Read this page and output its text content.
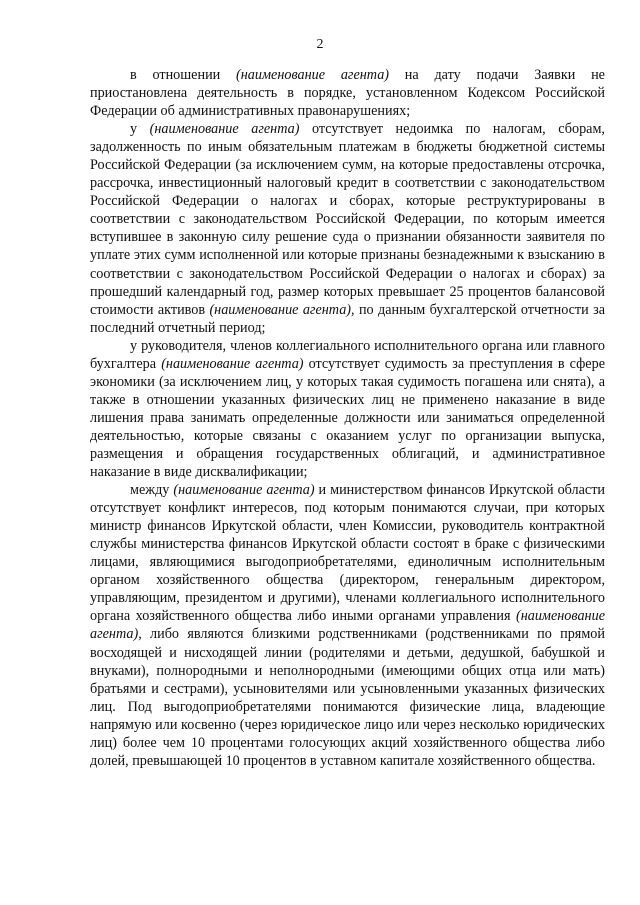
2

в отношении (наименование агента) на дату подачи Заявки не приостановлена деятельность в порядке, установленном Кодексом Российской Федерации об административных правонарушениях;

у (наименование агента) отсутствует недоимка по налогам, сборам, задолженность по иным обязательным платежам в бюджеты бюджетной системы Российской Федерации (за исключением сумм, на которые предоставлены отсрочка, рассрочка, инвестиционный налоговый кредит в соответствии с законодательством Российской Федерации о налогах и сборах, которые реструктурированы в соответствии с законодательством Российской Федерации, по которым имеется вступившее в законную силу решение суда о признании обязанности заявителя по уплате этих сумм исполненной или которые признаны безнадежными к взысканию в соответствии с законодательством Российской Федерации о налогах и сборах) за прошедший календарный год, размер которых превышает 25 процентов балансовой стоимости активов (наименование агента), по данным бухгалтерской отчетности за последний отчетный период;

у руководителя, членов коллегиального исполнительного органа или главного бухгалтера (наименование агента) отсутствует судимость за преступления в сфере экономики (за исключением лиц, у которых такая судимость погашена или снята), а также в отношении указанных физических лиц не применено наказание в виде лишения права занимать определенные должности или заниматься определенной деятельностью, которые связаны с оказанием услуг по организации выпуска, размещения и обращения государственных облигаций, и административное наказание в виде дисквалификации;

между (наименование агента) и министерством финансов Иркутской области отсутствует конфликт интересов, под которым понимаются случаи, при которых министр финансов Иркутской области, член Комиссии, руководитель контрактной службы министерства финансов Иркутской области состоят в браке с физическими лицами, являющимися выгодоприобретателями, единоличным исполнительным органом хозяйственного общества (директором, генеральным директором, управляющим, президентом и другими), членами коллегиального исполнительного органа хозяйственного общества либо иными органами управления (наименование агента), либо являются близкими родственниками (родственниками по прямой восходящей и нисходящей линии (родителями и детьми, дедушкой, бабушкой и внуками), полнородными и неполнородными (имеющими общих отца или мать) братьями и сестрами), усыновителями или усыновленными указанных физических лиц. Под выгодоприобретателями понимаются физические лица, владеющие напрямую или косвенно (через юридическое лицо или через несколько юридических лиц) более чем 10 процентами голосующих акций хозяйственного общества либо долей, превышающей 10 процентов в уставном капитале хозяйственного общества.
